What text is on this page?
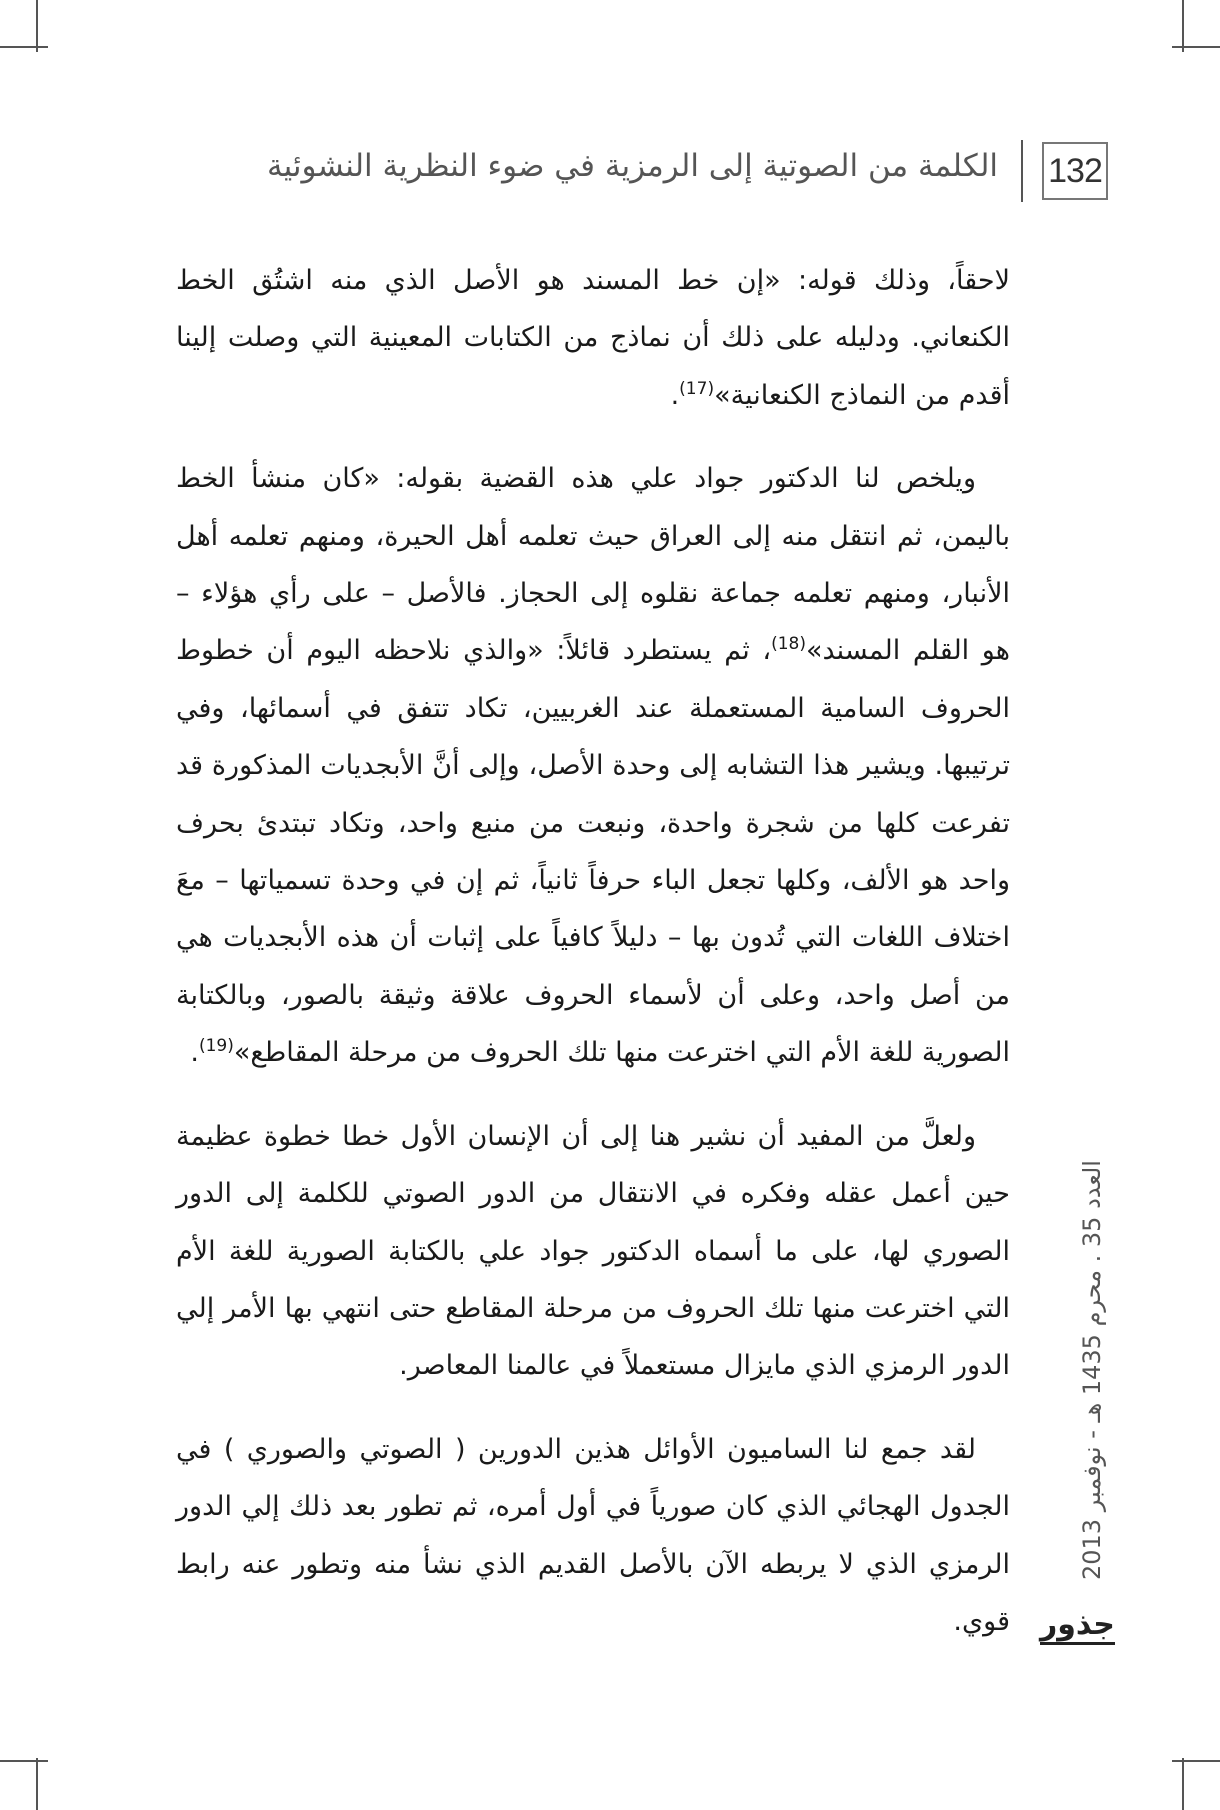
132
الكلمة من الصوتية إلى الرمزية في ضوء النظرية النشوئية

لاحقاً، وذلك قوله: «إن خط المسند هو الأصل الذي منه اشتُق الخط الكنعاني. ودليله على ذلك أن نماذج من الكتابات المعينية التي وصلت إلينا أقدم من النماذج الكنعانية»$^{(17)}$.

ويلخص لنا الدكتور جواد علي هذه القضية بقوله: «كان منشأ الخط باليمن، ثم انتقل منه إلى العراق حيث تعلمه أهل الحيرة، ومنهم تعلمه أهل الأنبار، ومنهم تعلمه جماعة نقلوه إلى الحجاز. فالأصل – على رأي هؤلاء – هو القلم المسند»$^{(18)}$، ثم يستطرد قائلاً: «والذي نلاحظه اليوم أن خطوط الحروف السامية المستعملة عند الغربيين، تكاد تتفق في أسمائها، وفي ترتيبها. ويشير هذا التشابه إلى وحدة الأصل، وإلى أنَّ الأبجديات المذكورة قد تفرعت كلها من شجرة واحدة، ونبعت من منبع واحد، وتكاد تبتدئ بحرف واحد هو الألف، وكلها تجعل الباء حرفاً ثانياً، ثم إن في وحدة تسمياتها – معَ اختلاف اللغات التي تُدون بها – دليلاً كافياً على إثبات أن هذه الأبجديات هي من أصل واحد، وعلى أن لأسماء الحروف علاقة وثيقة بالصور، وبالكتابة الصورية للغة الأم التي اخترعت منها تلك الحروف من مرحلة المقاطع»$^{(19)}$.

ولعلَّ من المفيد أن نشير هنا إلى أن الإنسان الأول خطا خطوة عظيمة حين أعمل عقله وفكره في الانتقال من الدور الصوتي للكلمة إلى الدور الصوري لها، على ما أسماه الدكتور جواد علي بالكتابة الصورية للغة الأم التي اخترعت منها تلك الحروف من مرحلة المقاطع حتى انتهي بها الأمر إلي الدور الرمزي الذي مايزال مستعملاً في عالمنا المعاصر.

لقد جمع لنا الساميون الأوائل هذين الدورين ( الصوتي والصوري ) في الجدول الهجائي الذي كان صورياً في أول أمره، ثم تطور بعد ذلك إلي الدور الرمزي الذي لا يربطه الآن بالأصل القديم الذي نشأ منه وتطور عنه رابط قوي.

العدد 35 . محرم 1435 هـ - نوفمبر 2013
جذور
